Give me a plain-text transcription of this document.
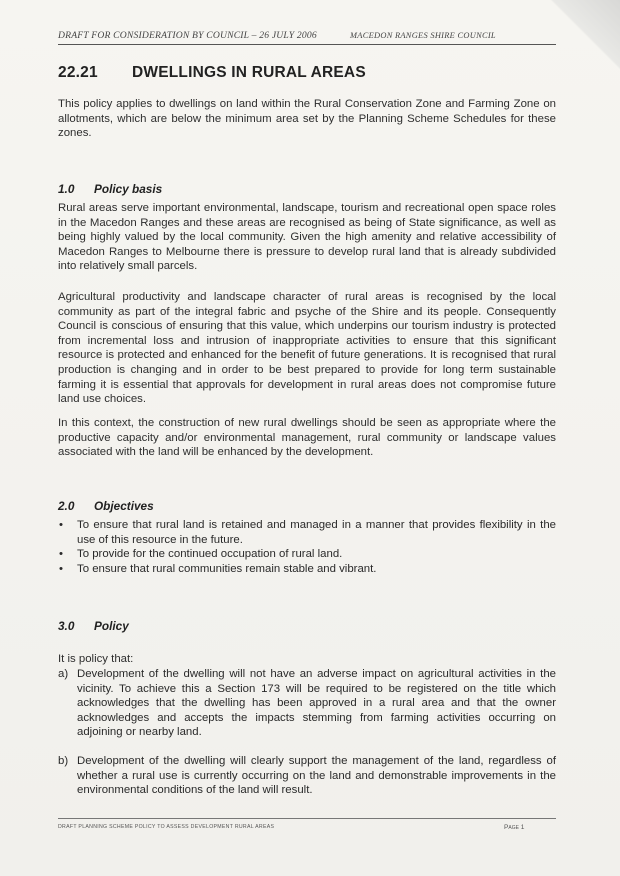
DRAFT FOR CONSIDERATION BY COUNCIL – 26 JULY 2006	MACEDON RANGES SHIRE COUNCIL
22.21 DWELLINGS IN RURAL AREAS
This policy applies to dwellings on land within the Rural Conservation Zone and Farming Zone on allotments, which are below the minimum area set by the Planning Scheme Schedules for these zones.
1.0 Policy basis
Rural areas serve important environmental, landscape, tourism and recreational open space roles in the Macedon Ranges and these areas are recognised as being of State significance, as well as being highly valued by the local community. Given the high amenity and relative accessibility of Macedon Ranges to Melbourne there is pressure to develop rural land that is already subdivided into relatively small parcels.
Agricultural productivity and landscape character of rural areas is recognised by the local community as part of the integral fabric and psyche of the Shire and its people. Consequently Council is conscious of ensuring that this value, which underpins our tourism industry is protected from incremental loss and intrusion of inappropriate activities to ensure that this significant resource is protected and enhanced for the benefit of future generations. It is recognised that rural production is changing and in order to be best prepared to provide for long term sustainable farming it is essential that approvals for development in rural areas does not compromise future land use choices.
In this context, the construction of new rural dwellings should be seen as appropriate where the productive capacity and/or environmental management, rural community or landscape values associated with the land will be enhanced by the development.
2.0 Objectives
• To ensure that rural land is retained and managed in a manner that provides flexibility in the use of this resource in the future.
• To provide for the continued occupation of rural land.
• To ensure that rural communities remain stable and vibrant.
3.0 Policy
It is policy that:
a) Development of the dwelling will not have an adverse impact on agricultural activities in the vicinity. To achieve this a Section 173 will be required to be registered on the title which acknowledges that the dwelling has been approved in a rural area and that the owner acknowledges and accepts the impacts stemming from farming activities occurring on adjoining or nearby land.
b) Development of the dwelling will clearly support the management of the land, regardless of whether a rural use is currently occurring on the land and demonstrable improvements in the environmental conditions of the land will result.
DRAFT PLANNING SCHEME POLICY TO ASSESS DEVELOPMENT RURAL AREAS	Page 1
